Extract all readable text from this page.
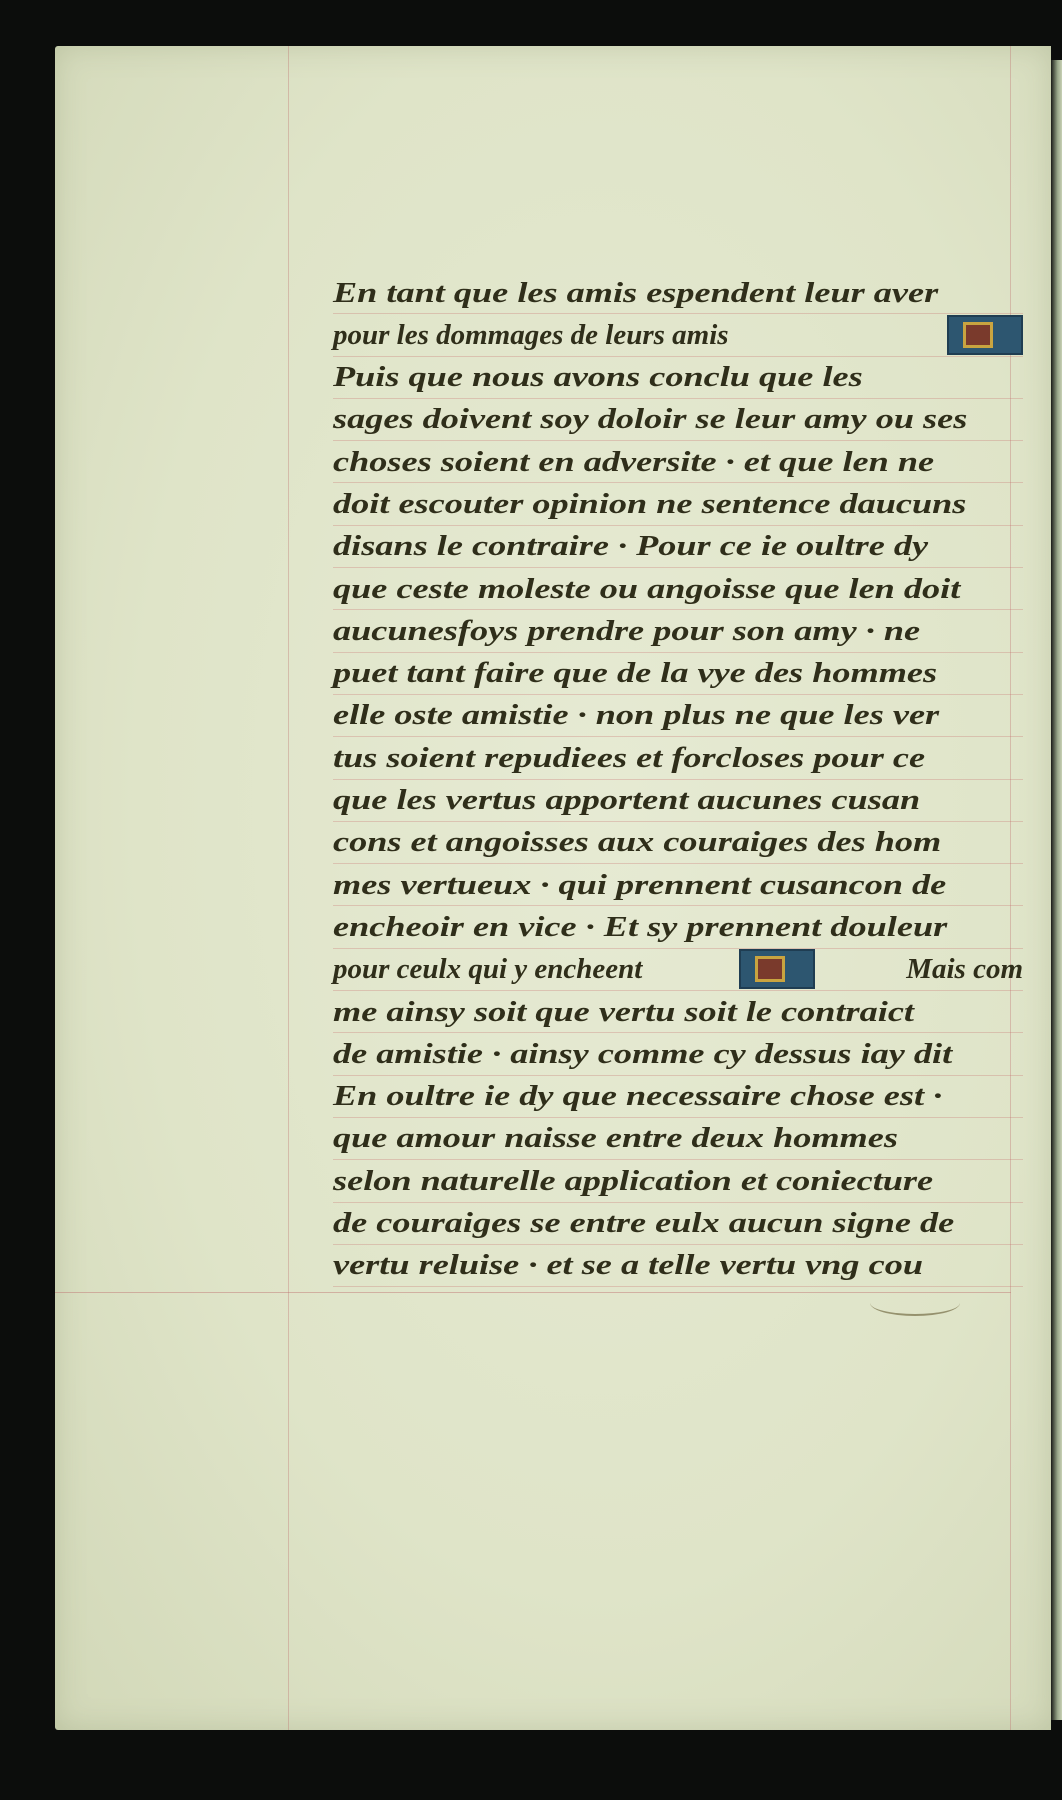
En tant que les amis espendent leur aver
pour les dommages de leurs amis
Puis que nous avons conclu que les
sages doivent soy doloir se leur amy ou ses
choses soient en adversite · et que len ne
doit escouter opinion ne sentence daucuns
disans le contraire · Pour ce ie oultre dy
que ceste moleste ou angoisse que len doit
aucunesfoys prendre pour son amy · ne
puet tant faire que de la vye des hommes
elle oste amistie · non plus ne que les ver
tus soient repudiees et forcloses pour ce
que les vertus apportent aucunes cusan
cons et angoisses aux couraiges des hom
mes vertueux · qui prennent cusancon de
encheoir en vice · Et sy prennent douleur
pour ceulx qui y encheent	Mais com
me ainsy soit que vertu soit le contraict
de amistie · ainsy comme cy dessus iay dit
En oultre ie dy que necessaire chose est ·
que amour naisse entre deux hommes
selon naturelle application et coniecture
de couraiges se entre eulx aucun signe de
vertu reluise · et se a telle vertu vng cou
